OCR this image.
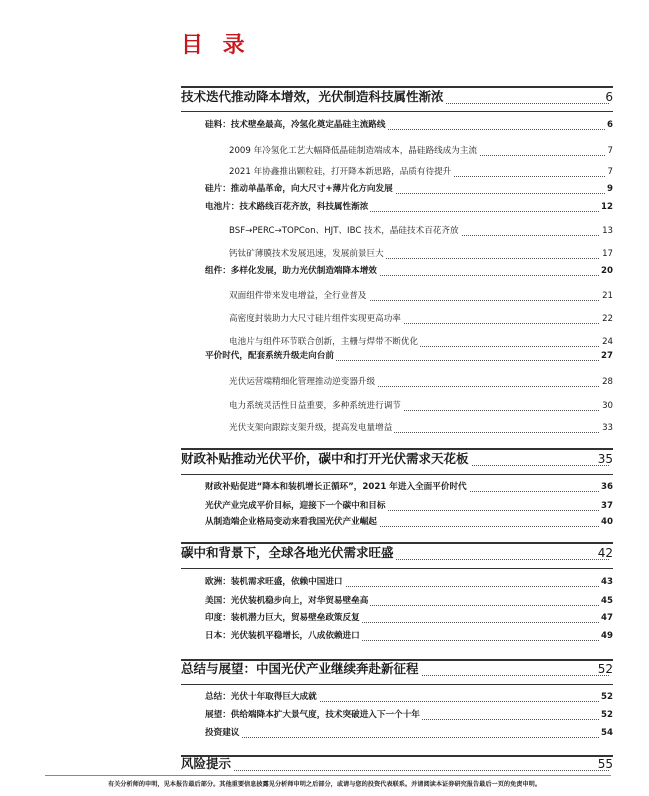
目 录
技术迭代推动降本增效，光伏制造科技属性渐浓	6
硅料：技术壁垒最高，冷氢化奠定晶硅主流路线	6
2009 年冷氢化工艺大幅降低晶硅制造端成本，晶硅路线成为主流	7
2021 年协鑫推出颗粒硅，打开降本新思路，品质有待提升	7
硅片：推动单晶革命，向大尺寸+薄片化方向发展	9
电池片：技术路线百花齐放，科技属性渐浓	12
BSF→PERC→TOPCon、HJT、IBC 技术，晶硅技术百花齐放	13
钙钛矿薄膜技术发展迅速，发展前景巨大	17
组件：多样化发展，助力光伏制造端降本增效	20
双面组件带来发电增益，全行业普及	21
高密度封装助力大尺寸硅片组件实现更高功率	22
电池片与组件环节联合创新，主栅与焊带不断优化	24
平价时代，配套系统升级走向台前	27
光伏运营端精细化管理推动逆变器升级	28
电力系统灵活性日益重要，多种系统进行调节	30
光伏支架向跟踪支架升级，提高发电量增益	33
财政补贴推动光伏平价，碳中和打开光伏需求天花板	35
财政补贴促进“降本和装机增长正循环”，2021 年进入全面平价时代	36
光伏产业完成平价目标，迎接下一个碳中和目标	37
从制造端企业格局变动来看我国光伏产业崛起	40
碳中和背景下，全球各地光伏需求旺盛	42
欧洲：装机需求旺盛，依赖中国进口	43
美国：光伏装机稳步向上，对华贸易壁垒高	45
印度：装机潜力巨大，贸易壁垒政策反复	47
日本：光伏装机平稳增长，八成依赖进口	49
总结与展望：中国光伏产业继续奔赴新征程	52
总结：光伏十年取得巨大成就	52
展望：供给端降本扩大景气度，技术突破进入下一个十年	52
投资建议	54
风险提示	55
有关分析师的申明，见本报告最后部分。其他重要信息披露见分析师申明之后部分，或请与您的投资代表联系。并请阅读本证券研究报告最后一页的免责申明。
